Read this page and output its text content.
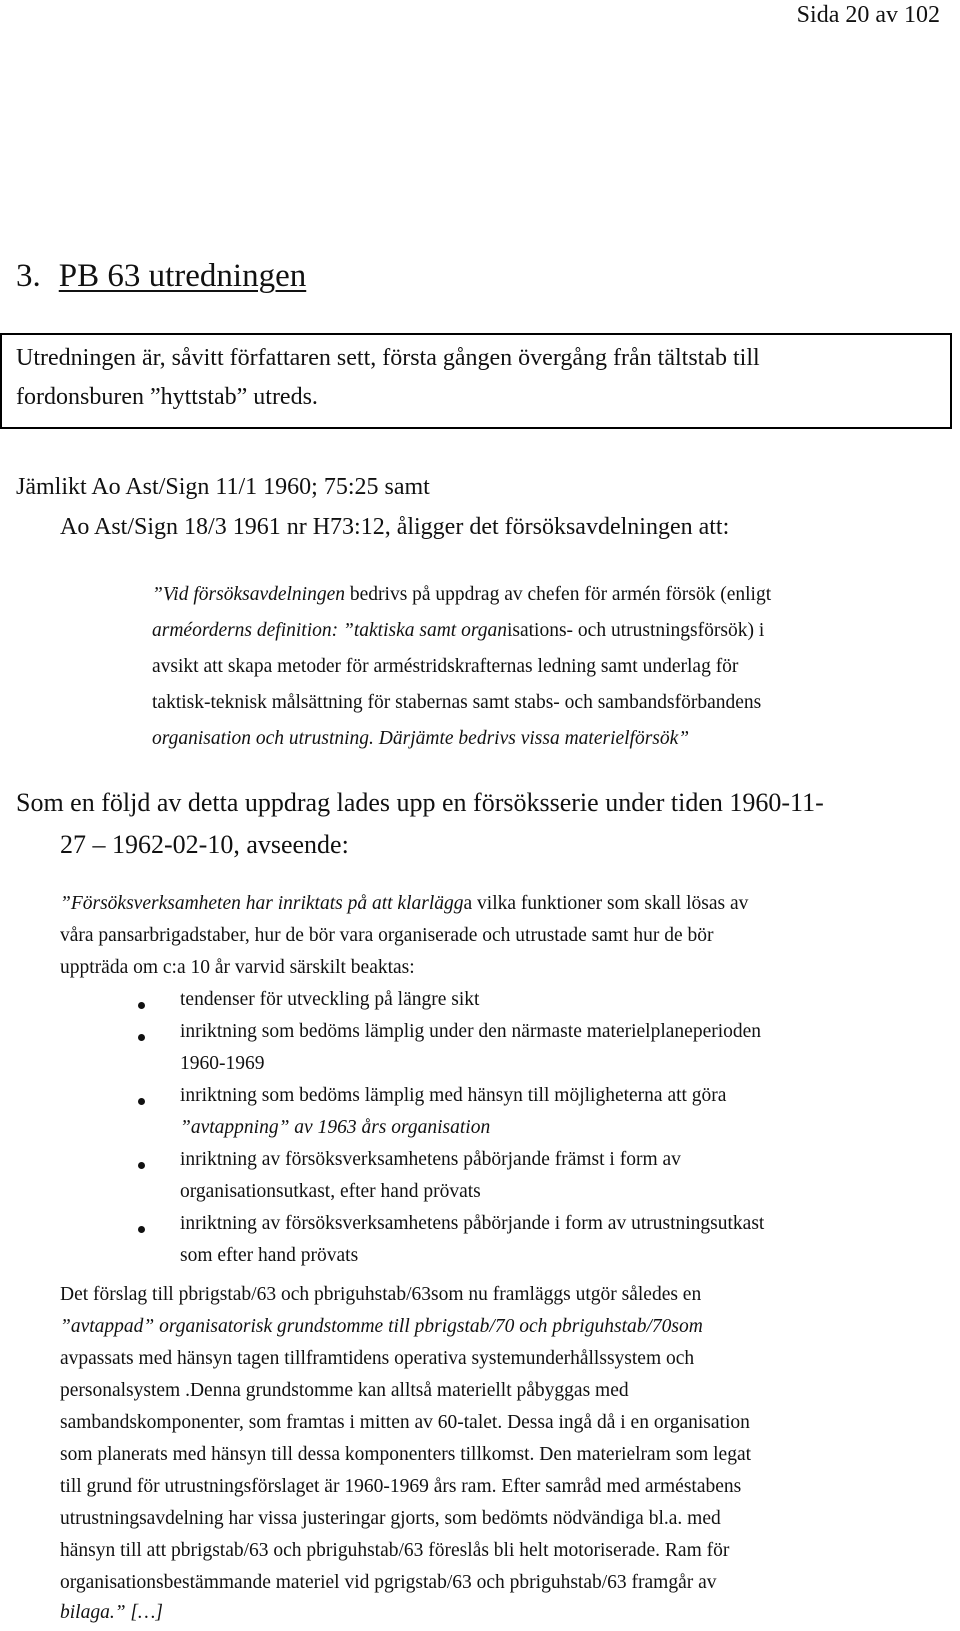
Sida 20 av 102
3. PB 63 utredningen

Utredningen är, såvitt författaren sett, första gången övergång från tältstab till

fordonsburen ”hyttstab” utreds.

Jämlikt Ao Ast/Sign 11/1 1960; 75:25 samt
Ao Ast/Sign 18/3 1961 nr H73:12, åligger det försöksavdelningen att:
”Vid försöksavdelningen bedrivs på uppdrag av chefen för armén försök (enligt
arméorderns definition: ”taktiska samt organisations- och utrustningsförsök) i
avsikt att skapa metoder för arméstridskrafternas ledning samt underlag för
taktisk-teknisk målsättning för stabernas samt stabs- och sambandsförbandens
organisation och utrustning. Därjämte bedrivs vissa materielförsök”
Som en följd av detta uppdrag lades upp en försöksserie under tiden 1960-11-
27 – 1962-02-10, avseende:
”Försöksverksamheten har inriktats på att klarlägga vilka funktioner som skall lösas av
våra pansarbrigadstaber, hur de bör vara organiserade och utrustade samt hur de bör
uppträda om c:a 10 år varvid särskilt beaktas:
tendenser för utveckling på längre sikt
inriktning som bedöms lämplig under den närmaste materielplaneperioden
1960-1969
inriktning som bedöms lämplig med hänsyn till möjligheterna att göra
”avtappning” av 1963 års organisation
inriktning av försöksverksamhetens påbörjande främst i form av
organisationsutkast, efter hand prövats
inriktning av försöksverksamhetens påbörjande i form av utrustningsutkast
som efter hand prövats
Det förslag till pbrigstab/63 och pbriguhstab/63som nu framläggs utgör således en
”avtappad” organisatorisk grundstomme till pbrigstab/70 och pbriguhstab/70som
avpassats med hänsyn tagen tillframtidens operativa systemunderhållssystem och
personalsystem .Denna grundstomme kan alltså materiellt påbyggas med
sambandskomponenter, som framtas i mitten av 60-talet. Dessa ingå då i en organisation
som planerats med hänsyn till dessa komponenters tillkomst. Den materielram som legat
till grund för utrustningsförslaget är 1960-1969 års ram. Efter samråd med arméstabens
utrustningsavdelning har vissa justeringar gjorts, som bedömts nödvändiga bl.a. med
hänsyn till att pbrigstab/63 och pbriguhstab/63 föreslås bli helt motoriserade. Ram för
organisationsbestämmande materiel vid pgrigstab/63 och pbriguhstab/63 framgår av
bilaga.” […]
